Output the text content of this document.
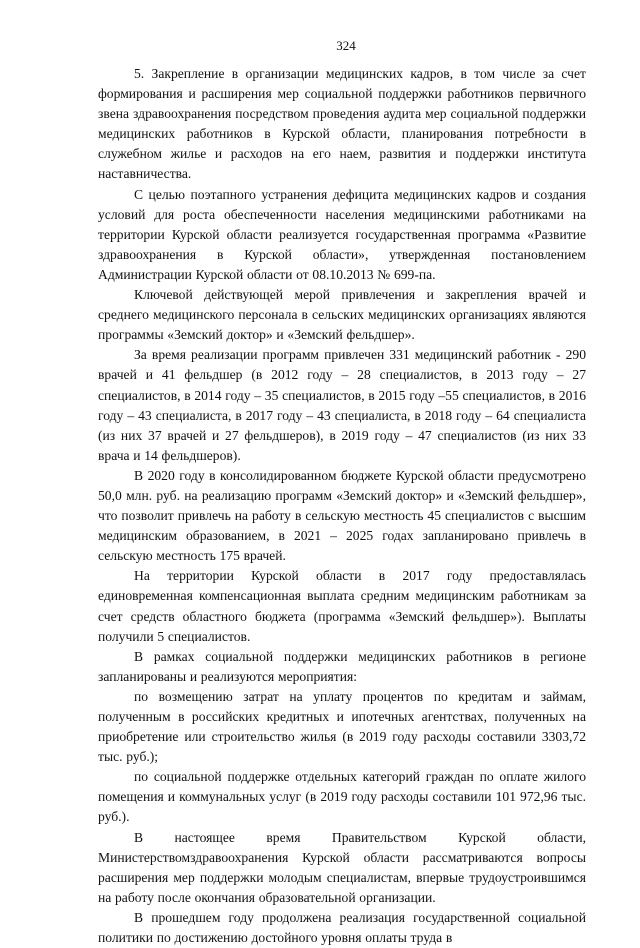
324

5. Закрепление в организации медицинских кадров, в том числе за счет формирования и расширения мер социальной поддержки работников первичного звена здравоохранения посредством проведения аудита мер социальной поддержки медицинских работников в Курской области, планирования потребности в служебном жилье и расходов на его наем, развития и поддержки института наставничества.

С целью поэтапного устранения дефицита медицинских кадров и создания условий для роста обеспеченности населения медицинскими работниками на территории Курской области реализуется государственная программа «Развитие здравоохранения в Курской области», утвержденная постановлением Администрации Курской области от 08.10.2013 № 699-па.

Ключевой действующей мерой привлечения и закрепления врачей и среднего медицинского персонала в сельских медицинских организациях являются программы «Земский доктор» и «Земский фельдшер».

За время реализации программ привлечен 331 медицинский работник - 290 врачей и 41 фельдшер (в 2012 году – 28 специалистов, в 2013 году – 27 специалистов, в 2014 году – 35 специалистов, в 2015 году –55 специалистов, в 2016 году – 43 специалиста, в 2017 году – 43 специалиста, в 2018 году – 64 специалиста (из них 37 врачей и 27 фельдшеров), в 2019 году – 47 специалистов (из них 33 врача и 14 фельдшеров).

В 2020 году в консолидированном бюджете Курской области предусмотрено 50,0 млн. руб. на реализацию программ «Земский доктор» и «Земский фельдшер», что позволит привлечь на работу в сельскую местность 45 специалистов с высшим медицинским образованием, в 2021 – 2025 годах запланировано привлечь в сельскую местность 175 врачей.

На территории Курской области в 2017 году предоставлялась единовременная компенсационная выплата средним медицинским работникам за счет средств областного бюджета (программа «Земский фельдшер»). Выплаты получили 5 специалистов.

В рамках социальной поддержки медицинских работников в регионе запланированы и реализуются мероприятия:

по возмещению затрат на уплату процентов по кредитам и займам, полученным в российских кредитных и ипотечных агентствах, полученных на приобретение или строительство жилья (в 2019 году расходы составили 3303,72 тыс. руб.);

по социальной поддержке отдельных категорий граждан по оплате жилого помещения и коммунальных услуг (в 2019 году расходы составили 101 972,96 тыс. руб.).

В настоящее время Правительством Курской области, Министерствомздравоохранения Курской области рассматриваются вопросы расширения мер поддержки молодым специалистам, впервые трудоустроившимся на работу после окончания образовательной организации.

В прошедшем году продолжена реализация государственной социальной политики по достижению достойного уровня оплаты труда в
